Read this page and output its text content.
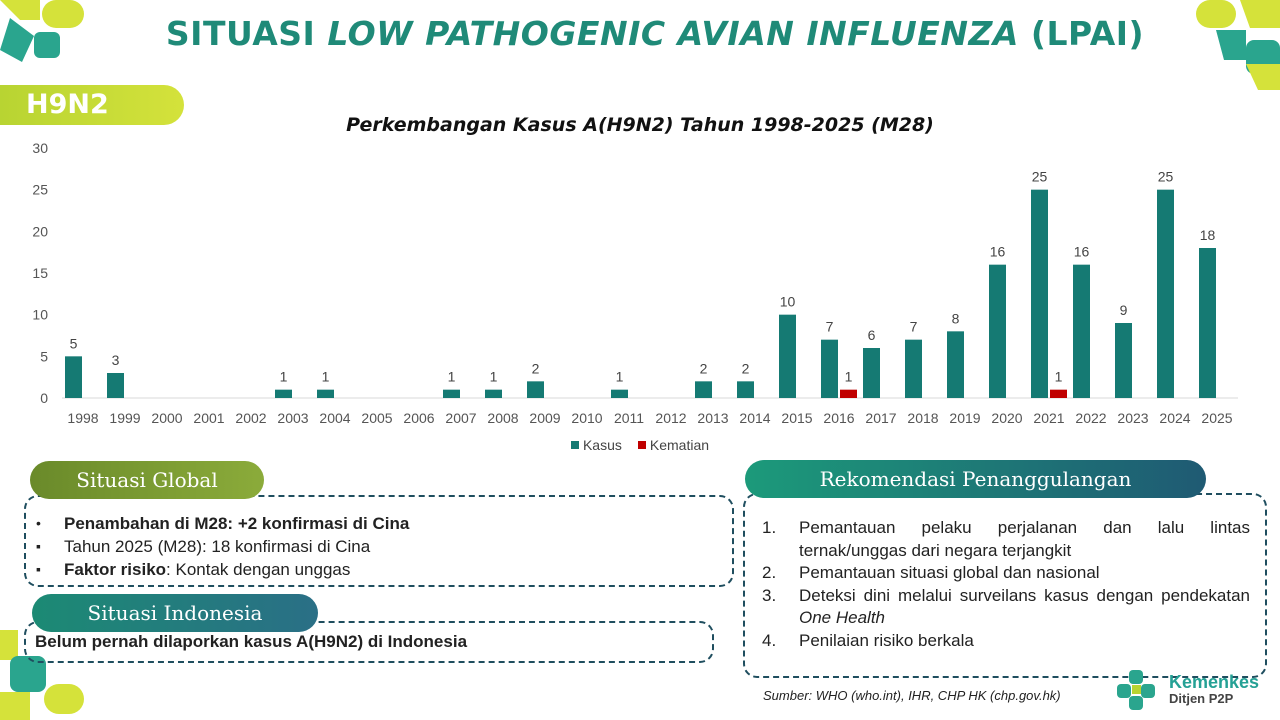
SITUASI LOW PATHOGENIC AVIAN INFLUENZA (LPAI)
H9N2
Perkembangan Kasus A(H9N2) Tahun 1998-2025 (M28)
0
5
10
15
20
25
30
1998
5
1999
3
2000 2001 2002 2003
1
2004
1
2005 2006 2007
1
2008
1
2009
2
2010 2011
1
2012 2013
2
2014
2
2015
10
2016
7
1
2017
6
2018
7
2019
8
2020
16
2021
25
1
2022
16
2023
9
2024
25
2025
18
Kasus Kematian
Situasi Global
•	Penambahan di M28: +2 konfirmasi di Cina
▪	Tahun 2025 (M28): 18 konfirmasi di Cina
▪	Faktor risiko: Kontak dengan unggas
Situasi Indonesia
Belum pernah dilaporkan kasus A(H9N2) di Indonesia
Rekomendasi Penanggulangan
1.	Pemantauan pelaku perjalanan dan lalu lintas ternak/unggas dari negara terjangkit
2.	Pemantauan situasi global dan nasional
3.	Deteksi dini melalui surveilans kasus dengan pendekatan One Health
4.	Penilaian risiko berkala
Sumber: WHO (who.int), IHR, CHP HK (chp.gov.hk)
Kemenkes
Ditjen P2P
